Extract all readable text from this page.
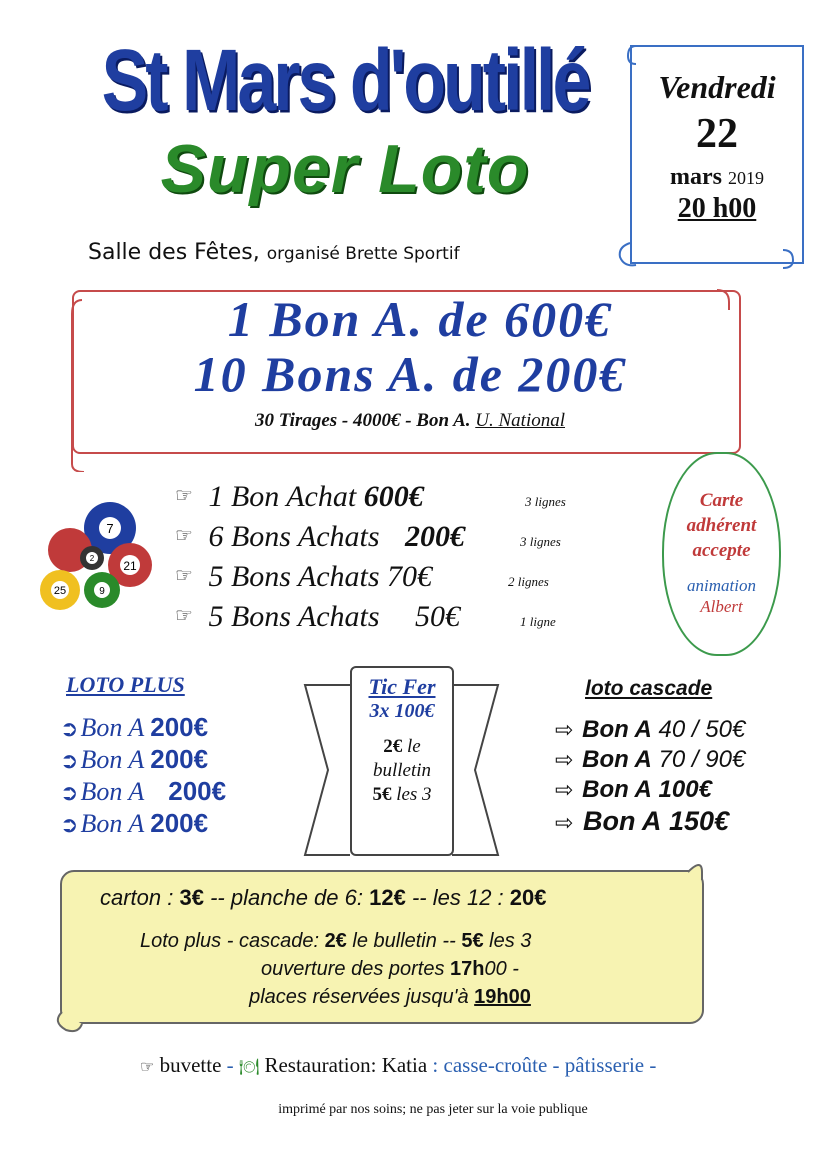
St Mars d'outillé
Super Loto
Vendredi
22
mars 2019
20 h00
Salle des Fêtes, organisé Brette Sportif
1 Bon A. de 600€
10 Bons A. de 200€
30 Tirages - 4000€ - Bon A. U. National
7
21
25	9
2
☞ 1 Bon Achat 600€	3 lignes
☞ 6 Bons Achats 200€	3 lignes
☞ 5 Bons Achats 70€	2 lignes
☞ 5 Bons Achats 50€	1 ligne
Carte
adhérent
accepte
animation
Albert
LOTO PLUS
➲Bon A 200€
➲Bon A 200€
➲Bon A 200€
➲Bon A 200€
Tic Fer
3x 100€
2€ le
bulletin
5€ les 3
loto cascade
⇨ Bon A 40 / 50€
⇨ Bon A 70 / 90€
⇨ Bon A 100€
⇨ Bon A 150€
carton : 3€ -- planche de 6: 12€ -- les 12 : 20€
Loto plus - cascade: 2€ le bulletin -- 5€ les 3
ouverture des portes 17h00 -
places réservées jusqu'à 19h00
☞ buvette - 🍽 Restauration: Katia : casse-croûte - pâtisserie -
imprimé par nos soins; ne pas jeter sur la voie publique
